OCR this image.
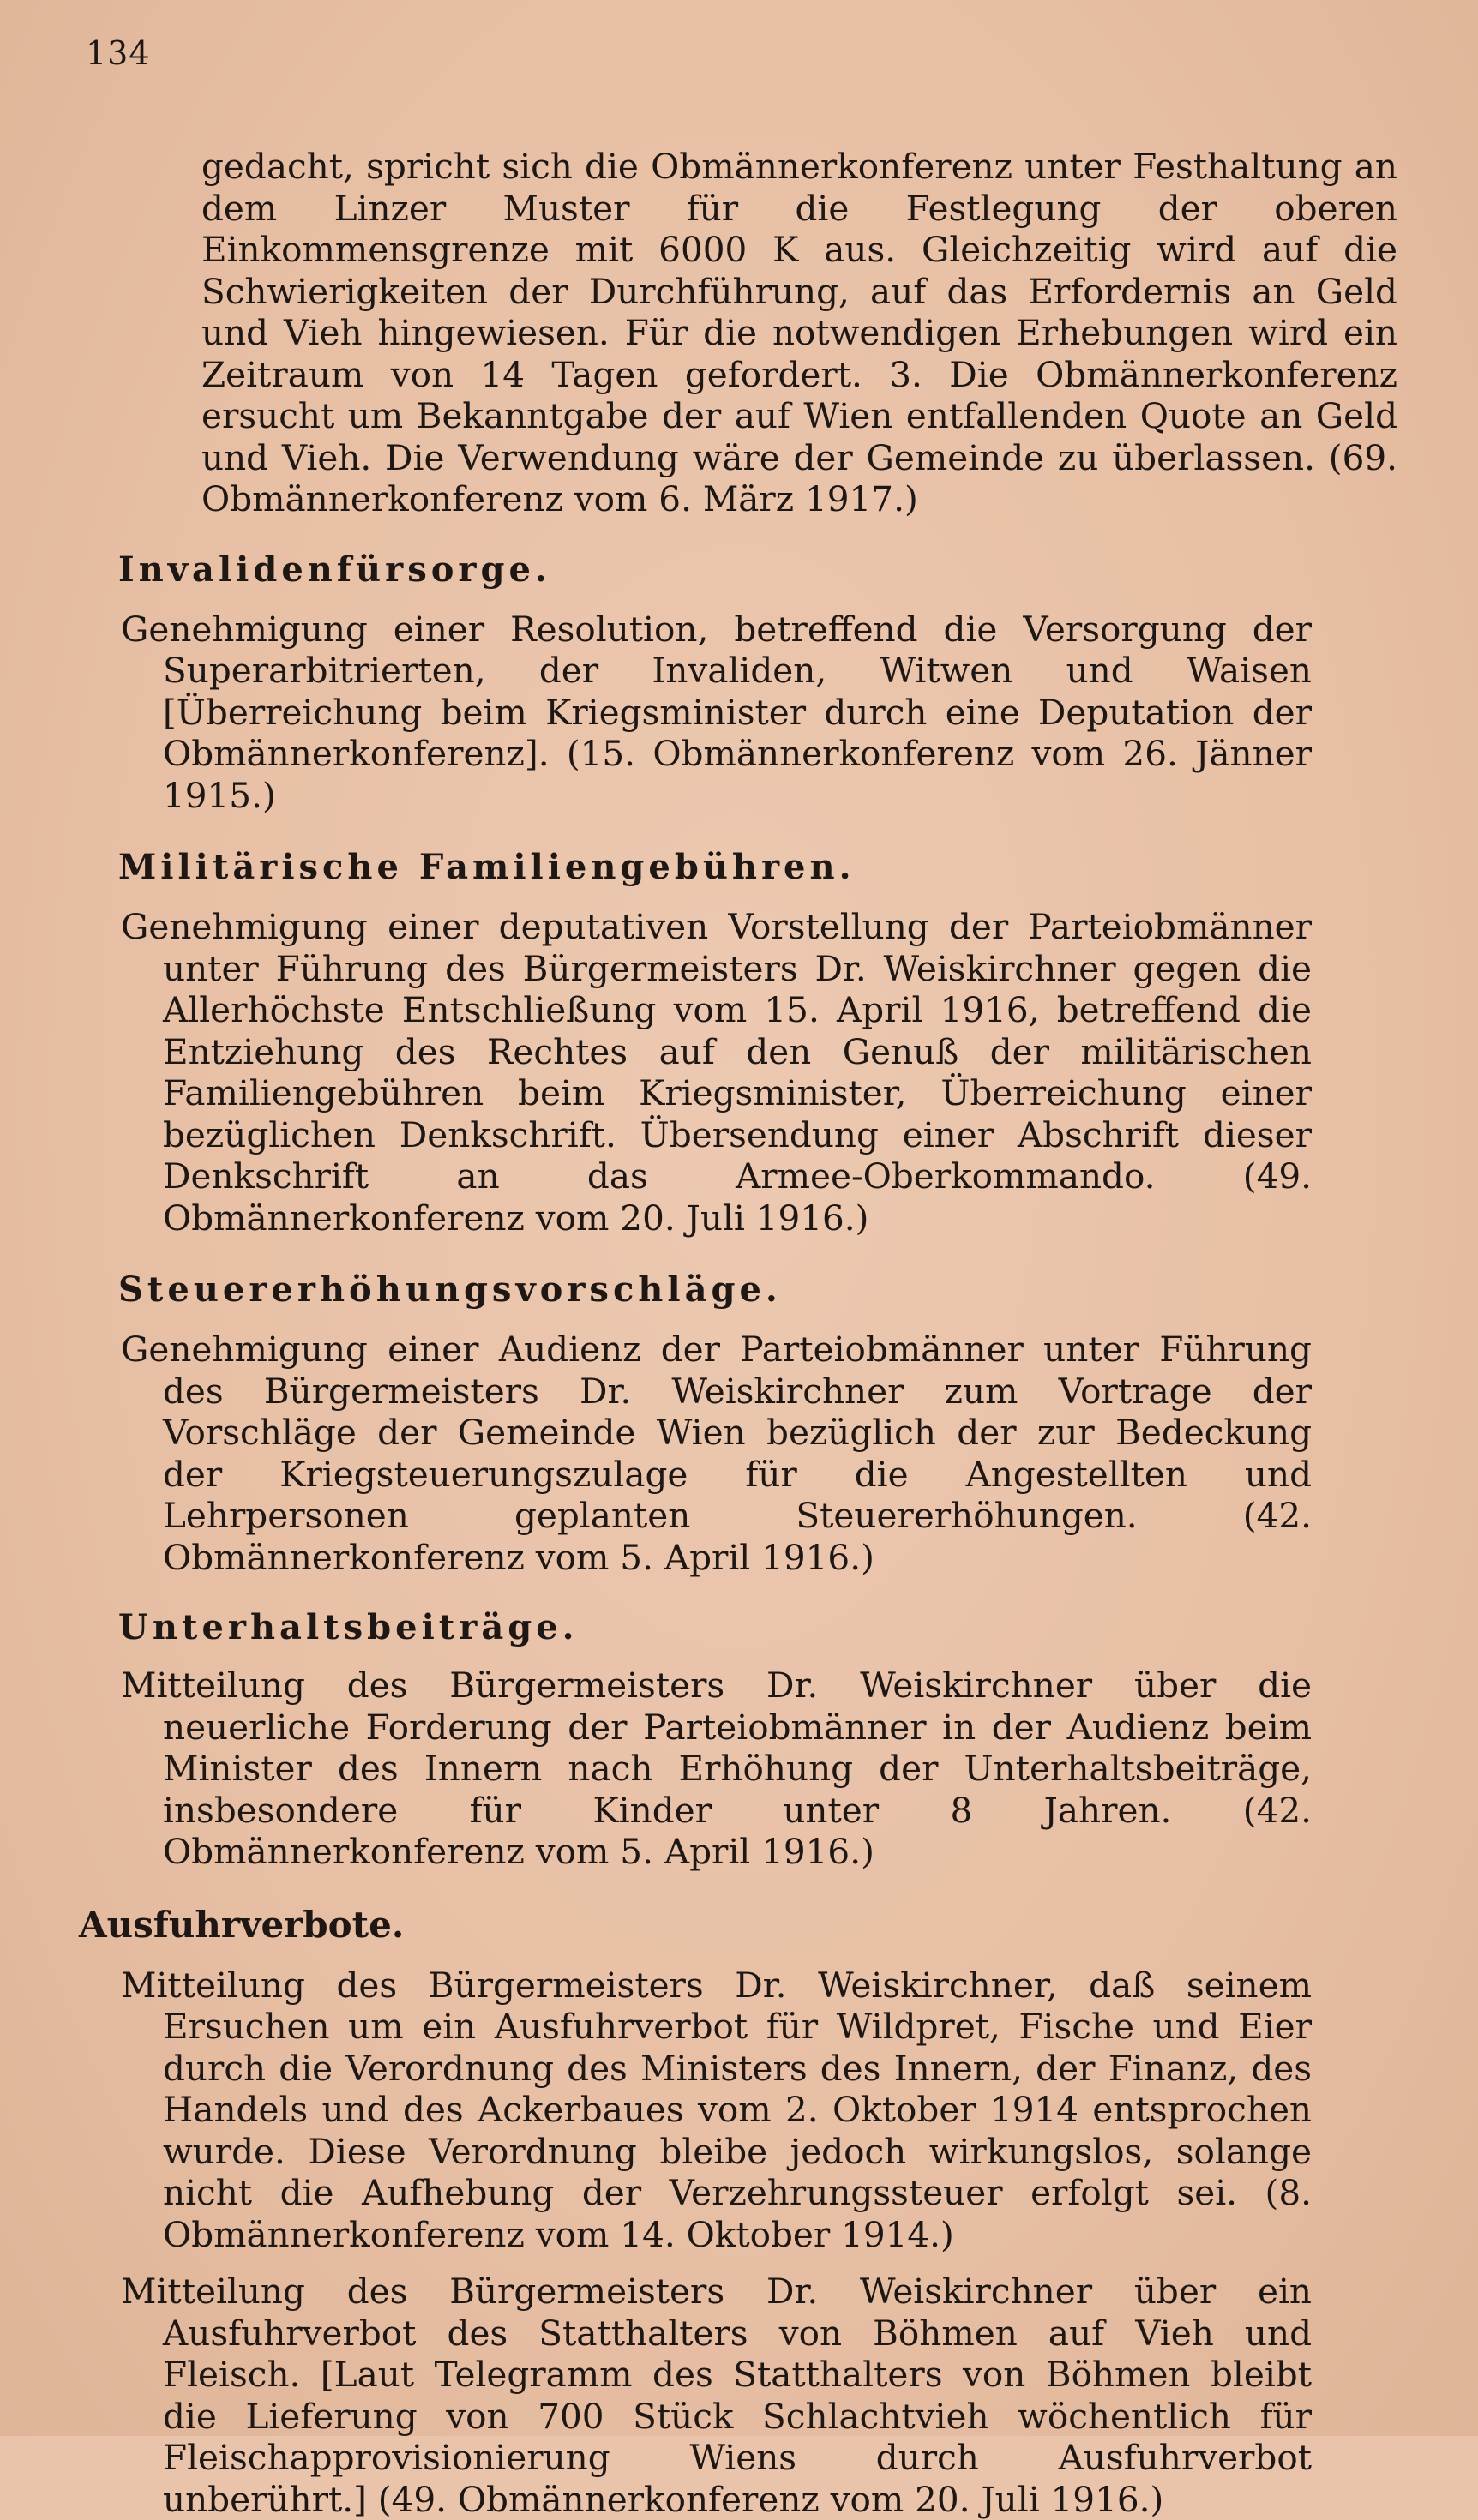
134

gedacht, spricht sich die Obmännerkonferenz unter Festhaltung an dem Linzer Muster für die Festlegung der oberen Einkommensgrenze mit 6000 K aus. Gleichzeitig wird auf die Schwierigkeiten der Durchführung, auf das Erfordernis an Geld und Vieh hingewiesen. Für die notwendigen Erhebungen wird ein Zeitraum von 14 Tagen gefordert. 3. Die Obmännerkonferenz ersucht um Bekanntgabe der auf Wien entfallenden Quote an Geld und Vieh. Die Verwendung wäre der Gemeinde zu überlassen. (69. Obmännerkonferenz vom 6. März 1917.)

Invalidenfürsorge.

Genehmigung einer Resolution, betreffend die Versorgung der Superarbitrierten, der Invaliden, Witwen und Waisen [Überreichung beim Kriegsminister durch eine Deputation der Obmännerkonferenz]. (15. Obmännerkonferenz vom 26. Jänner 1915.)

Militärische Familiengebühren.

Genehmigung einer deputativen Vorstellung der Parteiobmänner unter Führung des Bürgermeisters Dr. Weiskirchner gegen die Allerhöchste Entschließung vom 15. April 1916, betreffend die Entziehung des Rechtes auf den Genuß der militärischen Familiengebühren beim Kriegsminister, Überreichung einer bezüglichen Denkschrift. Übersendung einer Abschrift dieser Denkschrift an das Armee-Oberkommando. (49. Obmännerkonferenz vom 20. Juli 1916.)

Steuererhöhungsvorschläge.

Genehmigung einer Audienz der Parteiobmänner unter Führung des Bürgermeisters Dr. Weiskirchner zum Vortrage der Vorschläge der Gemeinde Wien bezüglich der zur Bedeckung der Kriegsteuerungszulage für die Angestellten und Lehrpersonen geplanten Steuererhöhungen. (42. Obmännerkonferenz vom 5. April 1916.)

Unterhaltsbeiträge.

Mitteilung des Bürgermeisters Dr. Weiskirchner über die neuerliche Forderung der Parteiobmänner in der Audienz beim Minister des Innern nach Erhöhung der Unterhaltsbeiträge, insbesondere für Kinder unter 8 Jahren. (42. Obmännerkonferenz vom 5. April 1916.)

Ausfuhrverbote.

Mitteilung des Bürgermeisters Dr. Weiskirchner, daß seinem Ersuchen um ein Ausfuhrverbot für Wildpret, Fische und Eier durch die Verordnung des Ministers des Innern, der Finanz, des Handels und des Ackerbaues vom 2. Oktober 1914 entsprochen wurde. Diese Verordnung bleibe jedoch wirkungslos, solange nicht die Aufhebung der Verzehrungssteuer erfolgt sei. (8. Obmännerkonferenz vom 14. Oktober 1914.)

Mitteilung des Bürgermeisters Dr. Weiskirchner über ein Ausfuhrverbot des Statthalters von Böhmen auf Vieh und Fleisch. [Laut Telegramm des Statthalters von Böhmen bleibt die Lieferung von 700 Stück Schlachtvieh wöchentlich für Fleischapprovisionierung Wiens durch Ausfuhrverbot unberührt.] (49. Obmännerkonferenz vom 20. Juli 1916.)
